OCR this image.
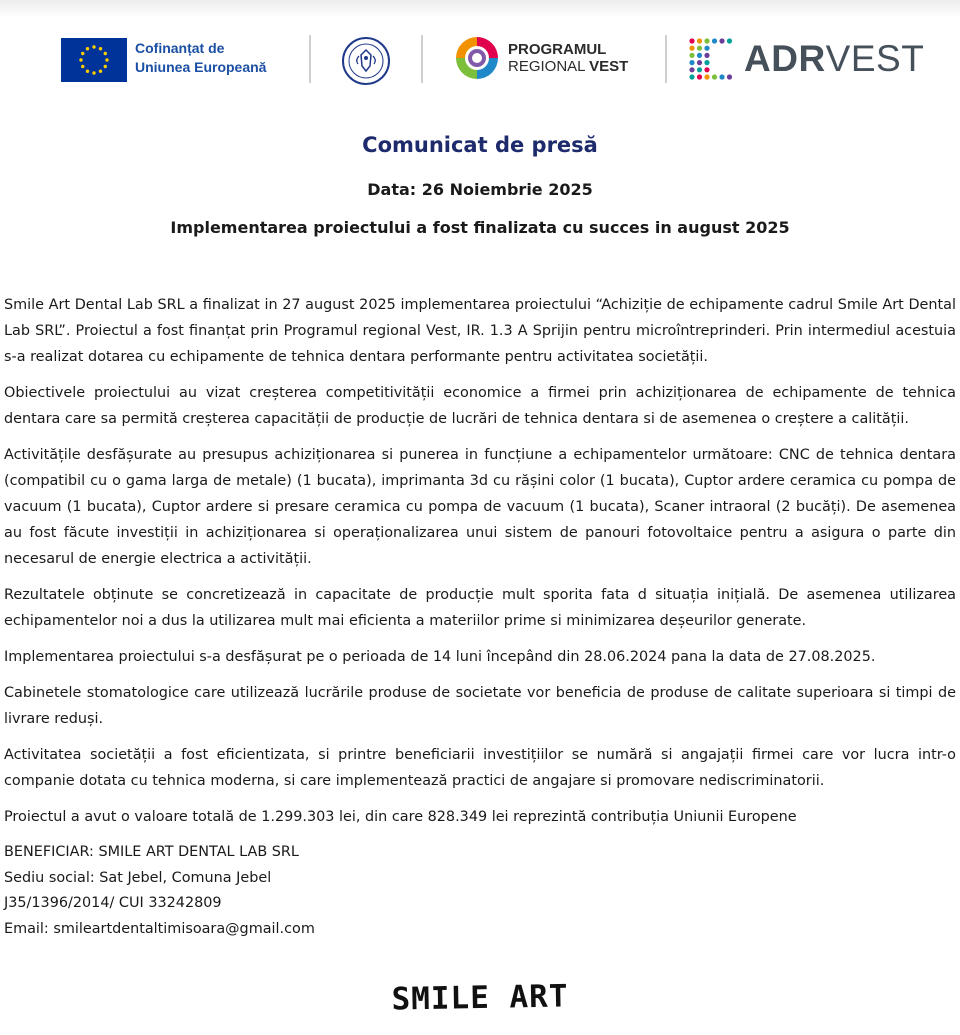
Cofinanțat de
Uniunea Europeană
PROGRAMUL
REGIONAL VEST	ADRVEST
Comunicat de presă
Data: 26 Noiembrie 2025
Implementarea proiectului a fost finalizata cu succes in august 2025

Smile Art Dental Lab SRL a finalizat in 27 august 2025 implementarea proiectului “Achiziție de echipamente cadrul Smile Art Dental Lab SRL”. Proiectul a fost finanțat prin Programul regional Vest, IR. 1.3 A Sprijin pentru microîntreprinderi. Prin intermediul acestuia s-a realizat dotarea cu echipamente de tehnica dentara performante pentru activitatea societății.

Obiectivele proiectului au vizat creșterea competitivității economice a firmei prin achiziționarea de echipamente de tehnica dentara care sa permită creșterea capacității de producție de lucrări de tehnica dentara si de asemenea o creștere a calității.

Activitățile desfășurate au presupus achiziționarea si punerea in funcțiune a echipamentelor următoare: CNC de tehnica dentara (compatibil cu o gama larga de metale) (1 bucata), imprimanta 3d cu rășini color (1 bucata), Cuptor ardere ceramica cu pompa de vacuum (1 bucata), Cuptor ardere si presare ceramica cu pompa de vacuum (1 bucata), Scaner intraoral (2 bucăți). De asemenea au fost făcute investiții in achiziționarea si operaționalizarea unui sistem de panouri fotovoltaice pentru a asigura o parte din necesarul de energie electrica a activității.

Rezultatele obținute se concretizează in capacitate de producție mult sporita fata d situația inițială. De asemenea utilizarea echipamentelor noi a dus la utilizarea mult mai eficienta a materiilor prime si minimizarea deșeurilor generate.

Implementarea proiectului s-a desfășurat pe o perioada de 14 luni începând din 28.06.2024 pana la data de 27.08.2025.

Cabinetele stomatologice care utilizează lucrările produse de societate vor beneficia de produse de calitate superioara si timpi de livrare reduși.

Activitatea societății a fost eficientizata, si printre beneficiarii investițiilor se numără si angajații firmei care vor lucra intr-o companie dotata cu tehnica moderna, si care implementează practici de angajare si promovare nediscriminatorii.

Proiectul a avut o valoare totală de 1.299.303 lei, din care 828.349 lei reprezintă contribuția Uniunii Europene

BENEFICIAR: SMILE ART DENTAL LAB SRL
Sediu social: Sat Jebel, Comuna Jebel
J35/1396/2014/ CUI 33242809
Email: smileartdentaltimisoara@gmail.com
SMILE ART
